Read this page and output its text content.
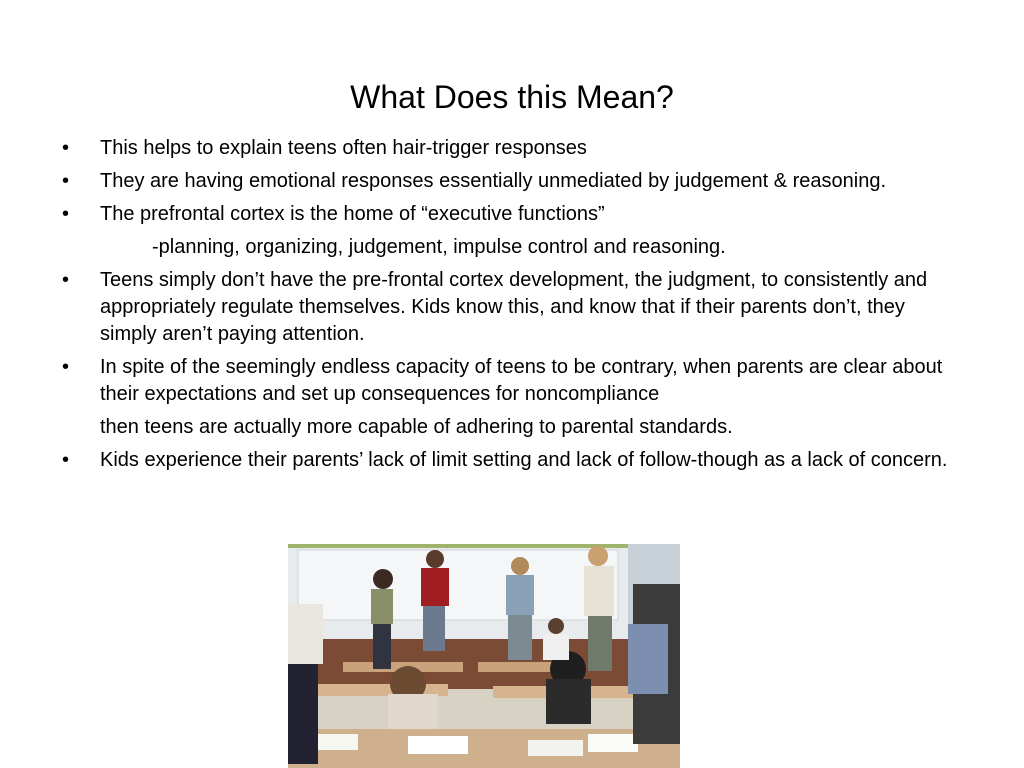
What Does this Mean?
•	This helps to explain teens often hair-trigger responses
•	They are having emotional responses essentially unmediated by judgement & reasoning.
•	The prefrontal cortex is the home of “executive functions”
-planning, organizing, judgement, impulse control and reasoning.
•	Teens simply don’t have the pre-frontal cortex development, the judgment, to consistently and appropriately regulate themselves. Kids know this, and know that if their parents don’t, they simply aren’t paying attention.
•	In spite of the seemingly endless capacity of teens to be contrary, when parents are clear about their expectations and set up consequences for noncompliance
then teens are actually more capable of adhering to parental standards.
•	Kids experience their parents’ lack of limit setting and lack of follow-though as a lack of concern.
